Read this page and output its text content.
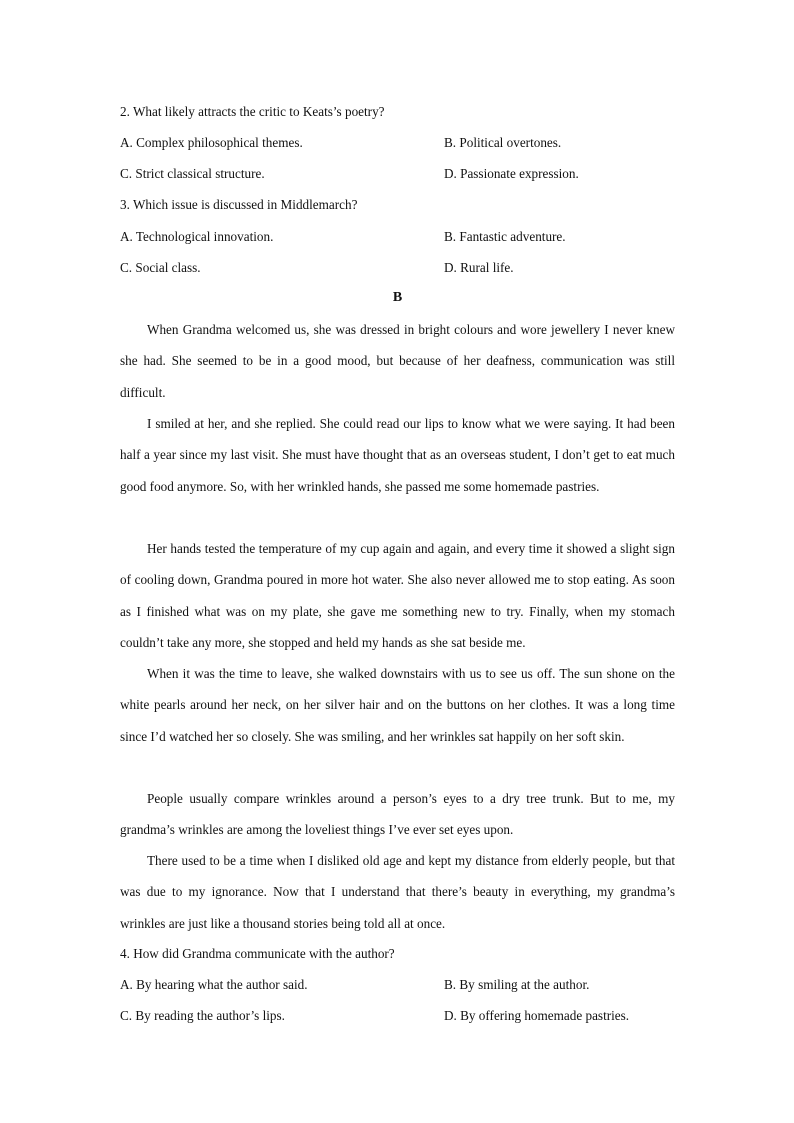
2. What likely attracts the critic to Keats’s poetry?
A. Complex philosophical themes.	B. Political overtones.
C. Strict classical structure.	D. Passionate expression.
3. Which issue is discussed in Middlemarch?
A. Technological innovation.	B. Fantastic adventure.
C. Social class.	D. Rural life.
B

When Grandma welcomed us, she was dressed in bright colours and wore jewellery I never knew she had. She seemed to be in a good mood, but because of her deafness, communication was still difficult.

I smiled at her, and she replied. She could read our lips to know what we were saying. It had been half a year since my last visit. She must have thought that as an overseas student, I don’t get to eat much good food anymore. So, with her wrinkled hands, she passed me some homemade pastries.

Her hands tested the temperature of my cup again and again, and every time it showed a slight sign of cooling down, Grandma poured in more hot water. She also never allowed me to stop eating. As soon as I finished what was on my plate, she gave me something new to try. Finally, when my stomach couldn’t take any more, she stopped and held my hands as she sat beside me.

When it was the time to leave, she walked downstairs with us to see us off. The sun shone on the white pearls around her neck, on her silver hair and on the buttons on her clothes. It was a long time since I’d watched her so closely. She was smiling, and her wrinkles sat happily on her soft skin.

People usually compare wrinkles around a person’s eyes to a dry tree trunk. But to me, my grandma’s wrinkles are among the loveliest things I’ve ever set eyes upon.

There used to be a time when I disliked old age and kept my distance from elderly people, but that was due to my ignorance. Now that I understand that there’s beauty in everything, my grandma’s wrinkles are just like a thousand stories being told all at once.

4. How did Grandma communicate with the author?
A. By hearing what the author said.	B. By smiling at the author.
C. By reading the author’s lips.	D. By offering homemade pastries.
